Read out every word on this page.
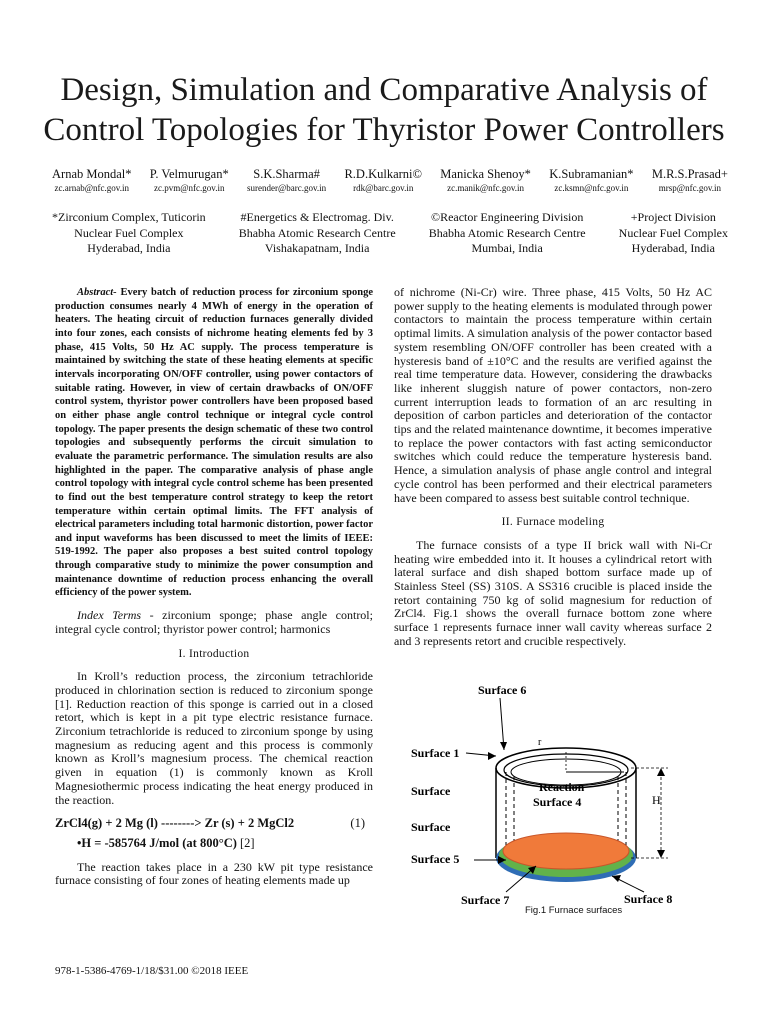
Design, Simulation and Comparative Analysis of
Control Topologies for Thyristor Power Controllers
Arnab Mondal*
zc.arnab@nfc.gov.in
P. Velmurugan*
zc.pvm@nfc.gov.in
S.K.Sharma#
surender@barc.gov.in
R.D.Kulkarni©
rdk@barc.gov.in
Manicka Shenoy*
zc.manik@nfc.gov.in
K.Subramanian*
zc.ksmn@nfc.gov.in
M.R.S.Prasad+
mrsp@nfc.gov.in
*Zirconium Complex, Tuticorin
Nuclear Fuel Complex
Hyderabad, India
#Energetics & Electromag. Div.
Bhabha Atomic Research Centre
Vishakapatnam, India
©Reactor Engineering Division
Bhabha Atomic Research Centre
Mumbai, India
+Project Division
Nuclear Fuel Complex
Hyderabad, India

Abstract- Every batch of reduction process for zirconium sponge production consumes nearly 4 MWh of energy in the operation of heaters. The heating circuit of reduction furnaces generally divided into four zones, each consists of nichrome heating elements fed by 3 phase, 415 Volts, 50 Hz AC supply. The process temperature is maintained by switching the state of these heating elements at specific intervals incorporating ON/OFF controller, using power contactors of suitable rating. However, in view of certain drawbacks of ON/OFF control system, thyristor power controllers have been proposed based on either phase angle control technique or integral cycle control topology. The paper presents the design schematic of these two control topologies and subsequently performs the circuit simulation to evaluate the parametric performance. The simulation results are also highlighted in the paper. The comparative analysis of phase angle control topology with integral cycle control scheme has been presented to find out the best temperature control strategy to keep the retort temperature within certain optimal limits. The FFT analysis of electrical parameters including total harmonic distortion, power factor and input waveforms has been discussed to meet the limits of IEEE: 519-1992. The paper also proposes a best suited control topology through comparative study to minimize the power consumption and maintenance downtime of reduction process enhancing the overall efficiency of the power system.

Index Terms - zirconium sponge; phase angle control; integral cycle control; thyristor power control; harmonics

I. Introduction

In Kroll’s reduction process, the zirconium tetrachloride produced in chlorination section is reduced to zirconium sponge [1]. Reduction reaction of this sponge is carried out in a closed retort, which is kept in a pit type electric resistance furnace. Zirconium tetrachloride is reduced to zirconium sponge by using magnesium as reducing agent and this process is commonly known as Kroll’s magnesium process. The chemical reaction given in equation (1) is commonly known as Kroll Magnesiothermic process indicating the heat energy produced in the reaction.

ZrCl4(g) + 2 Mg (l) --------> Zr (s) + 2 MgCl2	(1)
•H = -585764 J/mol (at 800°C) [2]

The reaction takes place in a 230 kW pit type resistance furnace consisting of four zones of heating elements made up

of nichrome (Ni-Cr) wire. Three phase, 415 Volts, 50 Hz AC power supply to the heating elements is modulated through power contactors to maintain the process temperature within certain optimal limits. A simulation analysis of the power contactor based system resembling ON/OFF controller has been created with a hysteresis band of ±10°C and the results are verified against the real time temperature data. However, considering the drawbacks like inherent sluggish nature of power contactors, non-zero current interruption leads to formation of an arc resulting in deposition of carbon particles and deterioration of the contactor tips and the related maintenance downtime, it becomes imperative to replace the power contactors with fast acting semiconductor switches which could reduce the temperature hysteresis band. Hence, a simulation analysis of phase angle control and integral cycle control has been performed and their electrical parameters have been compared to assess best suitable control technique.

II. Furnace modeling

The furnace consists of a type II brick wall with Ni-Cr heating wire embedded into it. It houses a cylindrical retort with lateral surface and dish shaped bottom surface made up of Stainless Steel (SS) 310S. A SS316 crucible is placed inside the retort containing 750 kg of solid magnesium for reduction of ZrCl4. Fig.1 shows the overall furnace bottom zone where surface 1 represents furnace inner wall cavity whereas surface 2 and 3 represents retort and crucible respectively.

r
H
Surface 6
Surface 1
Surface
Surface
Surface 5
Surface 7	Surface 8
Reaction
Surface 4
Fig.1 Furnace surfaces
978-1-5386-4769-1/18/$31.00 ©2018 IEEE
